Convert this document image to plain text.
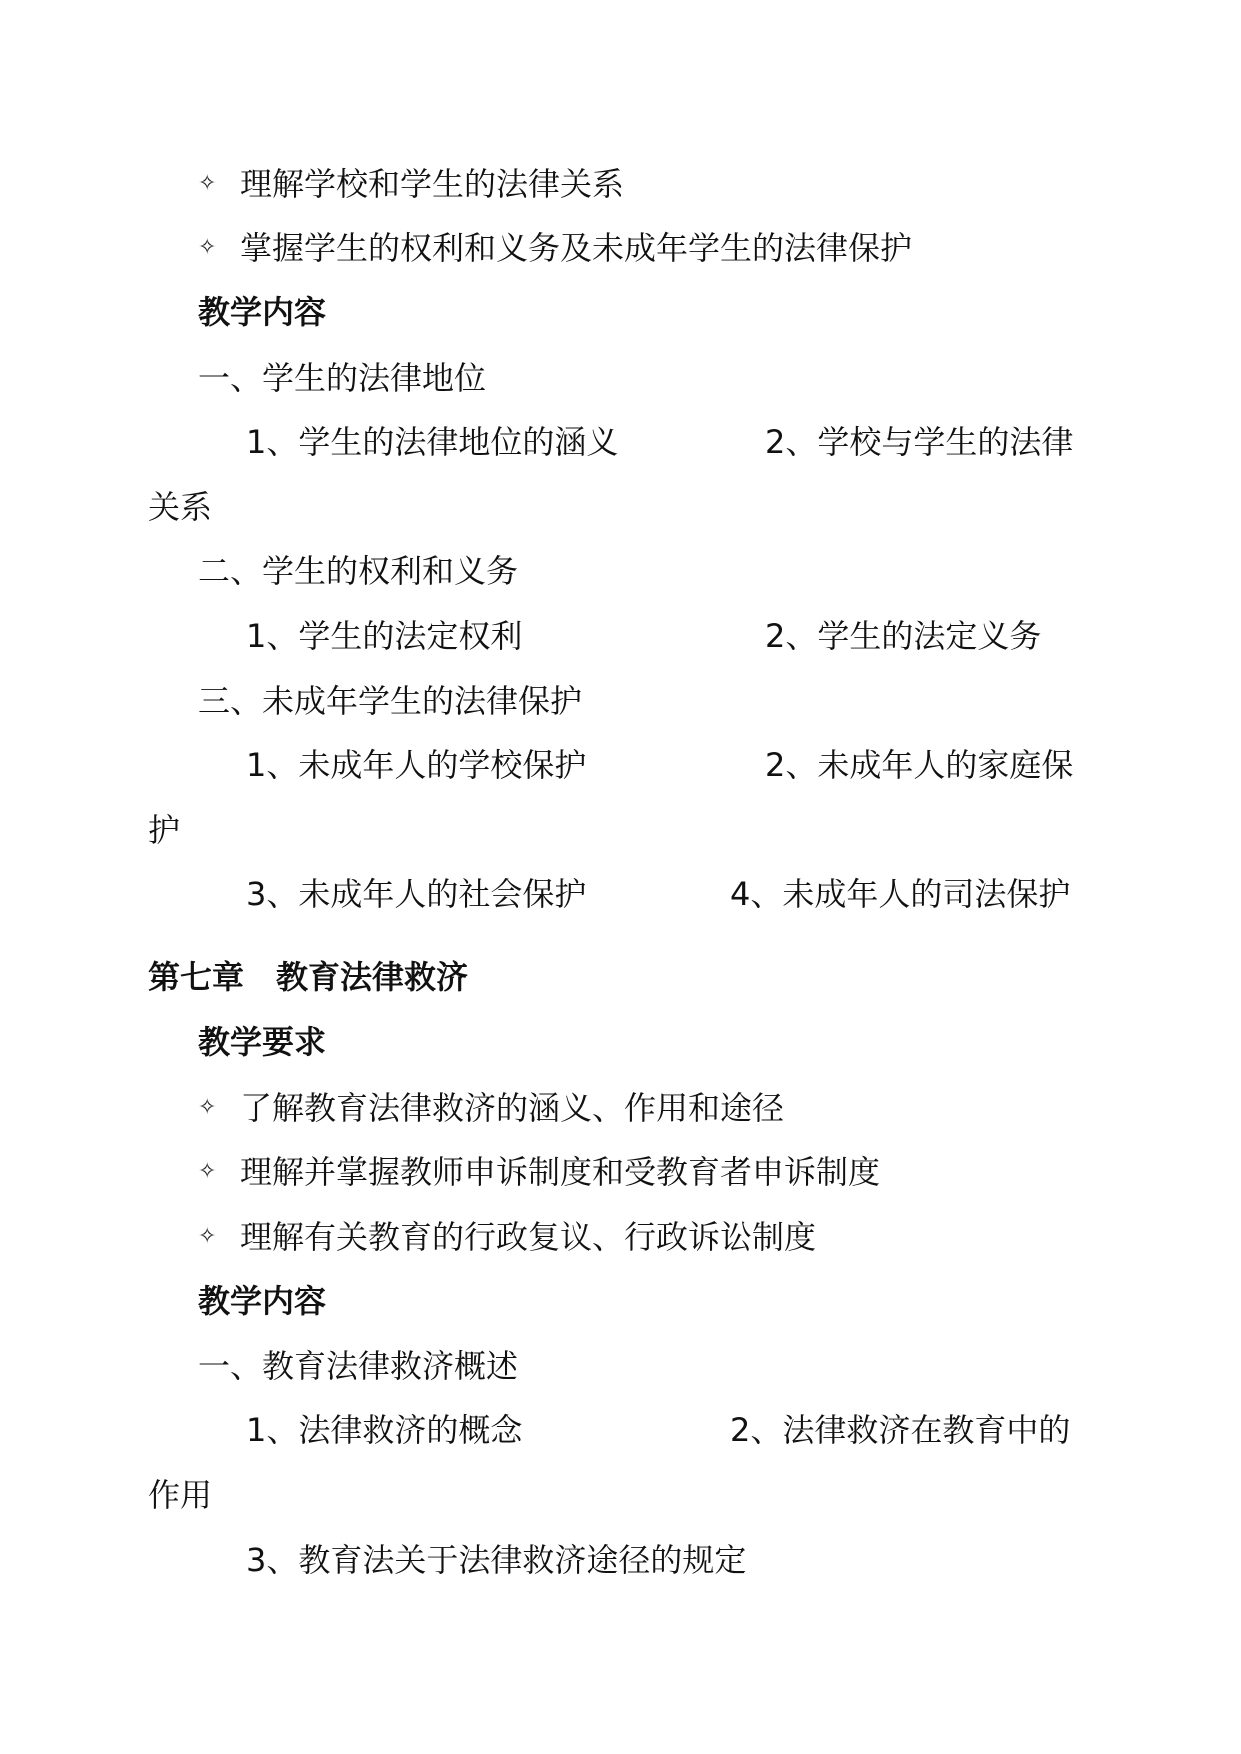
✧ 理解学校和学生的法律关系
✧ 掌握学生的权利和义务及未成年学生的法律保护
教学内容
一、学生的法律地位
1、学生的法律地位的涵义	2、学校与学生的法律
关系
二、学生的权利和义务
1、学生的法定权利	2、学生的法定义务
三、未成年学生的法律保护
1、未成年人的学校保护	2、未成年人的家庭保
护
3、未成年人的社会保护	4、未成年人的司法保护
第七章　教育法律救济
教学要求
✧ 了解教育法律救济的涵义、作用和途径
✧ 理解并掌握教师申诉制度和受教育者申诉制度
✧ 理解有关教育的行政复议、行政诉讼制度
教学内容
一、教育法律救济概述
1、法律救济的概念	2、法律救济在教育中的
作用
3、教育法关于法律救济途径的规定
